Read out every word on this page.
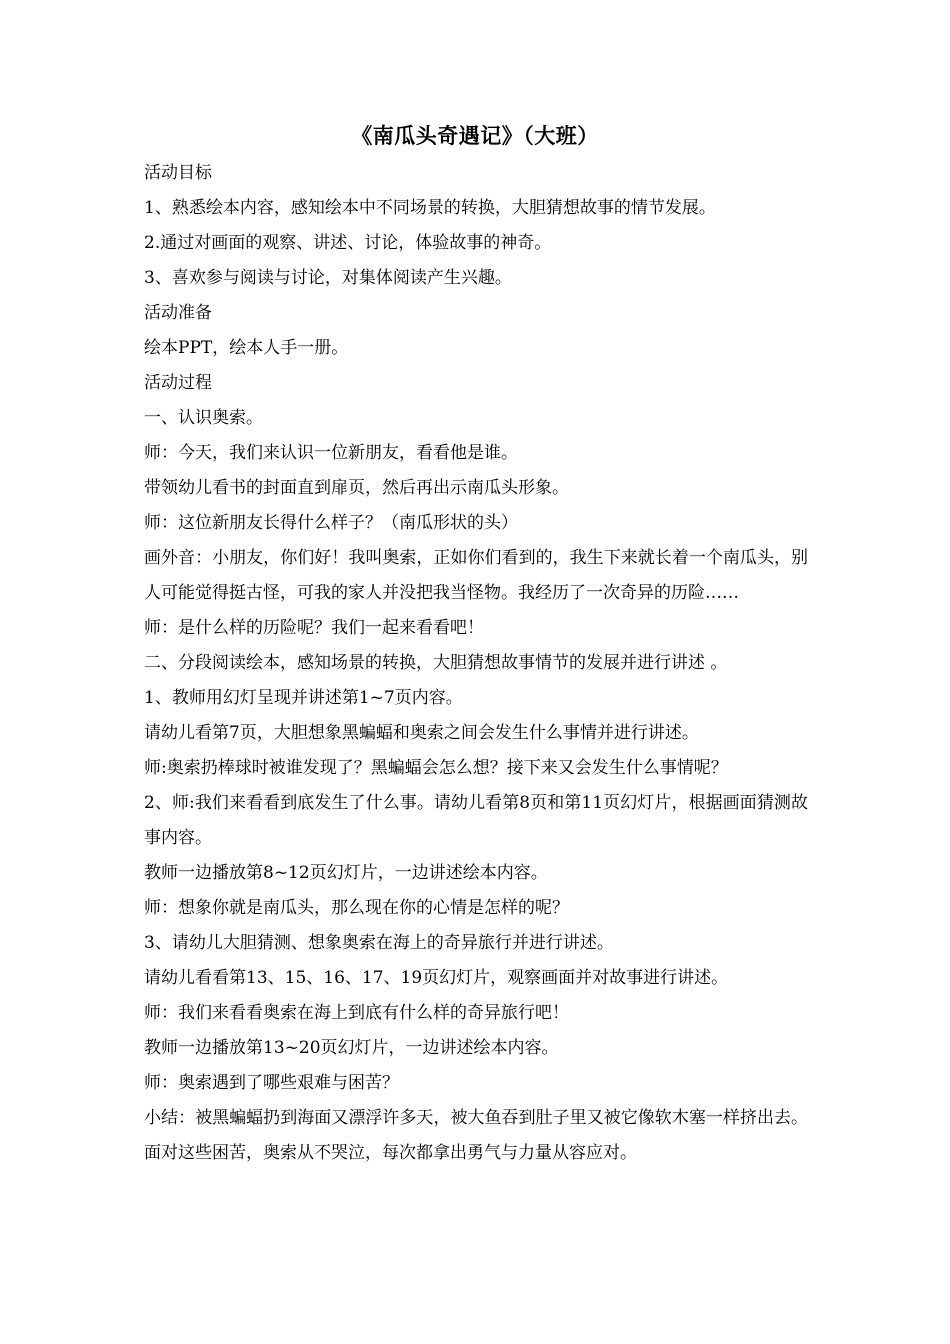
《南瓜头奇遇记》（大班）

活动目标

1、熟悉绘本内容，感知绘本中不同场景的转换，大胆猜想故事的情节发展。

2.通过对画面的观察、讲述、讨论，体验故事的神奇。

3、喜欢参与阅读与讨论，对集体阅读产生兴趣。

活动准备

绘本PPT，绘本人手一册。

活动过程

一、认识奥索。

师：今天，我们来认识一位新朋友，看看他是谁。

带领幼儿看书的封面直到扉页，然后再出示南瓜头形象。

师：这位新朋友长得什么样子？（南瓜形状的头）

画外音：小朋友，你们好！我叫奥索，正如你们看到的，我生下来就长着一个南瓜头，别人可能觉得挺古怪，可我的家人并没把我当怪物。我经历了一次奇异的历险……

师：是什么样的历险呢？我们一起来看看吧！

二、分段阅读绘本，感知场景的转换，大胆猜想故事情节的发展并进行讲述 。

1、教师用幻灯呈现并讲述第1~7页内容。

请幼儿看第7页，大胆想象黑蝙蝠和奥索之间会发生什么事情并进行讲述。

师:奥索扔棒球时被谁发现了？黑蝙蝠会怎么想？接下来又会发生什么事情呢？

2、师:我们来看看到底发生了什么事。请幼儿看第8页和第11页幻灯片，根据画面猜测故事内容。

教师一边播放第8~12页幻灯片，一边讲述绘本内容。

师：想象你就是南瓜头，那么现在你的心情是怎样的呢？

3、请幼儿大胆猜测、想象奥索在海上的奇异旅行并进行讲述。

请幼儿看看第13、15、16、17、19页幻灯片，观察画面并对故事进行讲述。

师：我们来看看奥索在海上到底有什么样的奇异旅行吧！

教师一边播放第13~20页幻灯片，一边讲述绘本内容。

师：奥索遇到了哪些艰难与困苦？

小结：被黑蝙蝠扔到海面又漂浮许多天，被大鱼吞到肚子里又被它像软木塞一样挤出去。面对这些困苦，奥索从不哭泣，每次都拿出勇气与力量从容应对。
